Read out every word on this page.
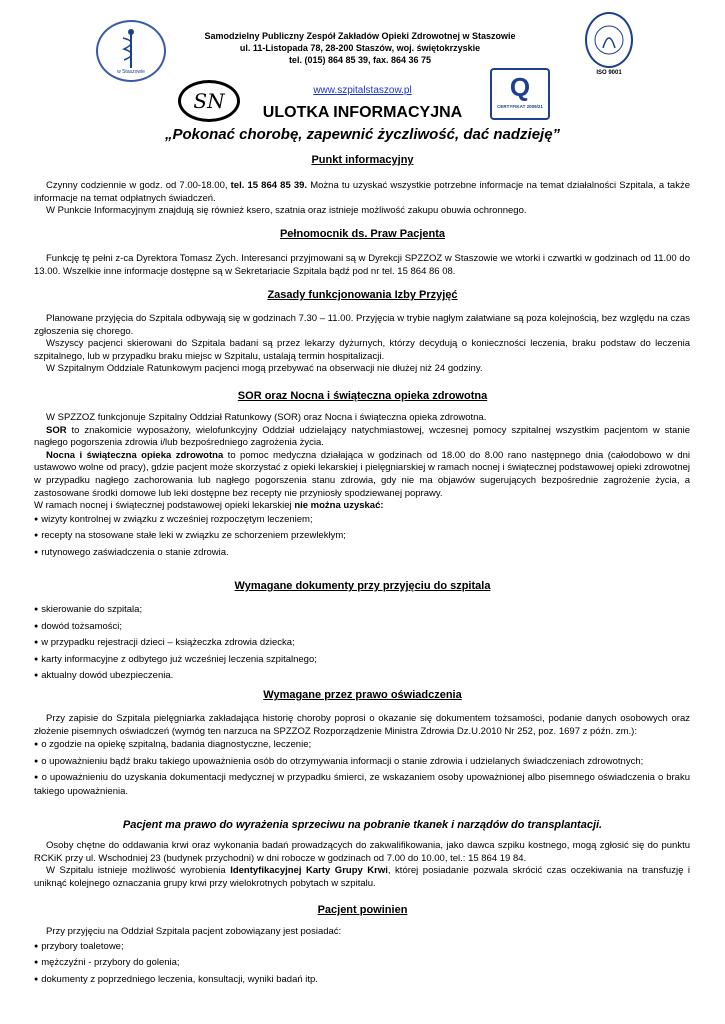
w Staszowie
Samodzielny Publiczny Zespół Zakładów Opieki Zdrowotnej w Staszowie
ul. 11-Listopada 78, 28-200 Staszów, woj. świętokrzyskie
tel. (015) 864 85 39, fax. 864 36 75
ISO 9001
www.szpitalstaszow.pl
SN	Q
CERTYFIKAT 2009/21
ULOTKA INFORMACYJNA
„Pokonać chorobę, zapewnić życzliwość, dać nadzieję”
Punkt informacyjny

Czynny codziennie w godz. od 7.00-18.00, tel. 15 864 85 39. Można tu uzyskać wszystkie potrzebne informacje na temat działalności Szpitala, a także informacje na temat odpłatnych świadczeń.

W Punkcie Informacyjnym znajdują się również ksero, szatnia oraz istnieje możliwość zakupu obuwia ochronnego.

Pełnomocnik ds. Praw Pacjenta

Funkcję tę pełni z-ca Dyrektora Tomasz Zych. Interesanci przyjmowani są w Dyrekcji SPZZOZ w Staszowie we wtorki i czwartki w godzinach od 11.00 do 13.00. Wszelkie inne informacje dostępne są w Sekretariacie Szpitala bądź pod nr tel. 15 864 86 08.

Zasady funkcjonowania Izby Przyjęć

Planowane przyjęcia do Szpitala odbywają się w godzinach 7.30 – 11.00. Przyjęcia w trybie nagłym załatwiane są poza kolejnością, bez względu na czas zgłoszenia się chorego.

Wszyscy pacjenci skierowani do Szpitala badani są przez lekarzy dyżurnych, którzy decydują o konieczności leczenia, braku podstaw do leczenia szpitalnego, lub w przypadku braku miejsc w Szpitalu, ustalają termin hospitalizacji.

W Szpitalnym Oddziale Ratunkowym pacjenci mogą przebywać na obserwacji nie dłużej niż 24 godziny.

SOR oraz Nocna i świąteczna opieka zdrowotna

W SPZZOZ funkcjonuje Szpitalny Oddział Ratunkowy (SOR) oraz Nocna i świąteczna opieka zdrowotna.

SOR to znakomicie wyposażony, wielofunkcyjny Oddział udzielający natychmiastowej, wczesnej pomocy szpitalnej wszystkim pacjentom w stanie nagłego pogorszenia zdrowia i/lub bezpośredniego zagrożenia życia.

Nocna i świąteczna opieka zdrowotna to pomoc medyczna działająca w godzinach od 18.00 do 8.00 rano następnego dnia (całodobowo w dni ustawowo wolne od pracy), gdzie pacjent może skorzystać z opieki lekarskiej i pielęgniarskiej w ramach nocnej i świątecznej podstawowej opieki zdrowotnej w przypadku nagłego zachorowania lub nagłego pogorszenia stanu zdrowia, gdy nie ma objawów sugerujących bezpośrednie zagrożenie życia, a zastosowane środki domowe lub leki dostępne bez recepty nie przyniosły spodziewanej poprawy.

W ramach nocnej i świątecznej podstawowej opieki lekarskiej nie można uzyskać:

● wizyty kontrolnej w związku z wcześniej rozpoczętym leczeniem;
● recepty na stosowane stałe leki w związku ze schorzeniem przewlekłym;
● rutynowego zaświadczenia o stanie zdrowia.
Wymagane dokumenty przy przyjęciu do szpitala
● skierowanie do szpitala;
● dowód tożsamości;
● w przypadku rejestracji dzieci – książeczka zdrowia dziecka;
● karty informacyjne z odbytego już wcześniej leczenia szpitalnego;
● aktualny dowód ubezpieczenia.
Wymagane przez prawo oświadczenia

Przy zapisie do Szpitala pielęgniarka zakładająca historię choroby poprosi o okazanie się dokumentem tożsamości, podanie danych osobowych oraz złożenie pisemnych oświadczeń (wymóg ten narzuca na SPZZOZ Rozporządzenie Ministra Zdrowia Dz.U.2010 Nr 252, poz. 1697 z późn. zm.):

● o zgodzie na opiekę szpitalną, badania diagnostyczne, leczenie;
● o upoważnieniu bądź braku takiego upoważnienia osób do otrzymywania informacji o stanie zdrowia i udzielanych świadczeniach zdrowotnych;
● o upoważnieniu do uzyskania dokumentacji medycznej w przypadku śmierci, ze wskazaniem osoby upoważnionej albo pisemnego oświadczenia o braku takiego upoważnienia.
Pacjent ma prawo do wyrażenia sprzeciwu na pobranie tkanek i narządów do transplantacji.

Osoby chętne do oddawania krwi oraz wykonania badań prowadzących do zakwalifikowania, jako dawca szpiku kostnego, mogą zgłosić się do punktu RCKiK przy ul. Wschodniej 23 (budynek przychodni) w dni robocze w godzinach od 7.00 do 10.00, tel.: 15 864 19 84.

W Szpitalu istnieje możliwość wyrobienia Identyfikacyjnej Karty Grupy Krwi, której posiadanie pozwala skrócić czas oczekiwania na transfuzję i uniknąć kolejnego oznaczania grupy krwi przy wielokrotnych pobytach w szpitalu.

Pacjent powinien

Przy przyjęciu na Oddział Szpitala pacjent zobowiązany jest posiadać:

● przybory toaletowe;
● mężczyźni - przybory do golenia;
● dokumenty z poprzedniego leczenia, konsultacji, wyniki badań itp.
